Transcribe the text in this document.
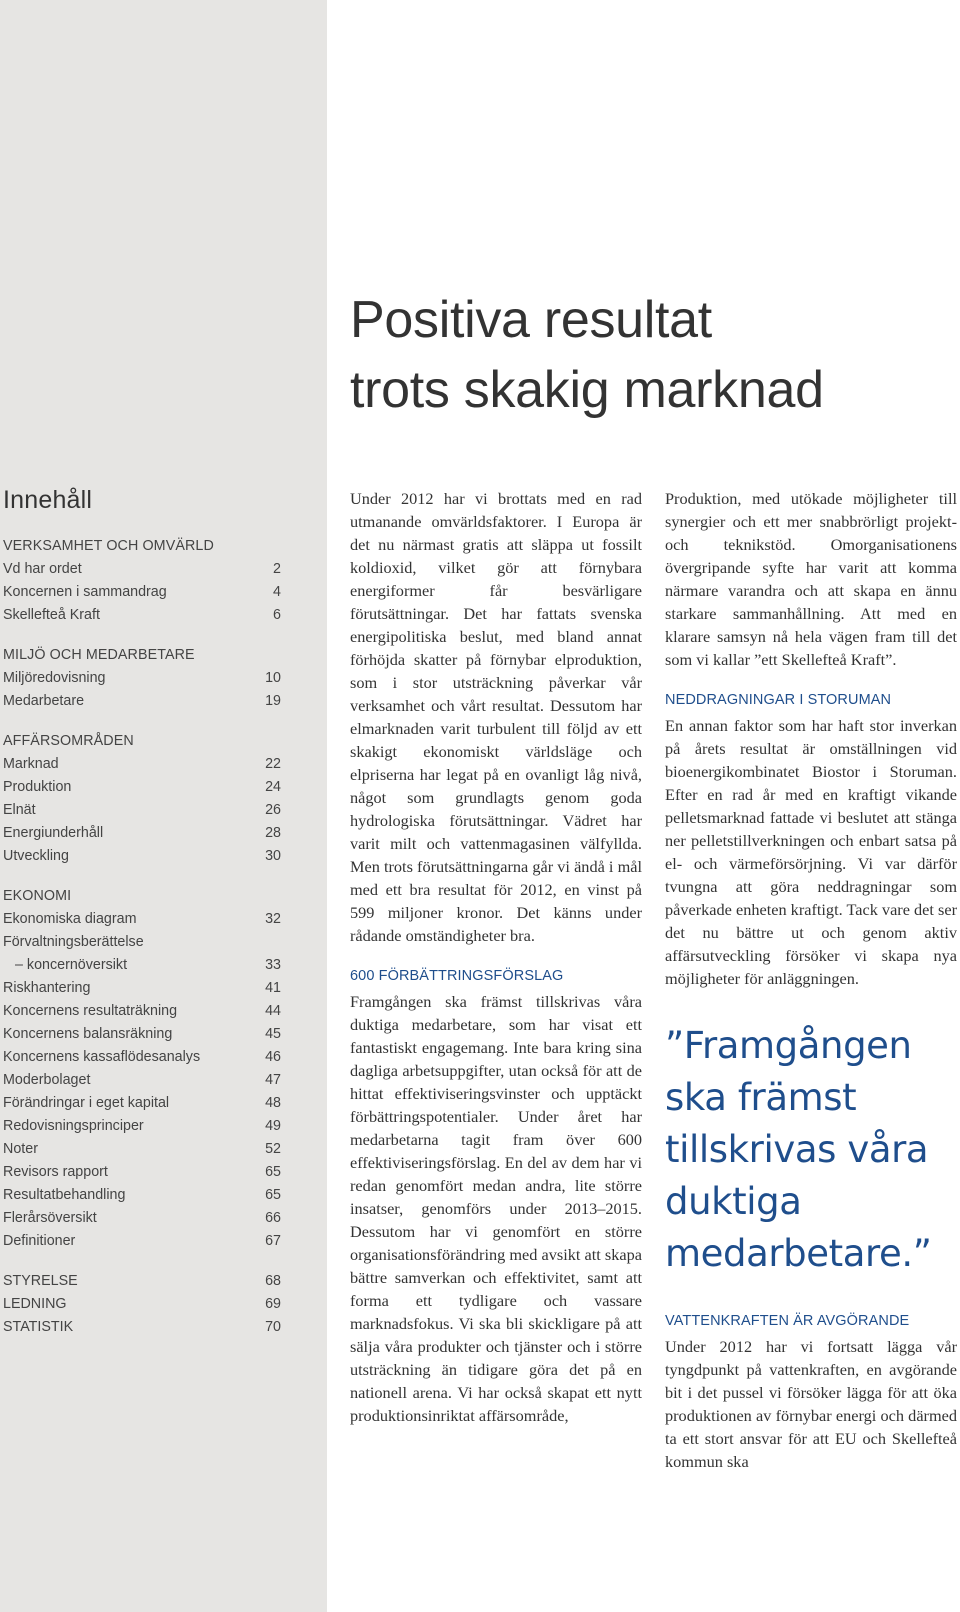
Innehåll
VERKSAMHET OCH OMVÄRLD
Vd har ordet	2
Koncernen i sammandrag	4
Skellefteå Kraft	6
MILJÖ OCH MEDARBETARE
Miljöredovisning	10
Medarbetare	19
AFFÄRSOMRÅDEN
Marknad	22
Produktion	24
Elnät	26
Energiunderhåll	28
Utveckling	30
EKONOMI
Ekonomiska diagram	32
Förvaltningsberättelse
– koncernöversikt	33
Riskhantering	41
Koncernens resultaträkning	44
Koncernens balansräkning	45
Koncernens kassaflödesanalys	46
Moderbolaget	47
Förändringar i eget kapital	48
Redovisningsprinciper	49
Noter	52
Revisors rapport	65
Resultatbehandling	65
Flerårsöversikt	66
Definitioner	67
STYRELSE	68
LEDNING	69
STATISTIK	70
Positiva resultat
trots skakig marknad

Under 2012 har vi brottats med en rad utmanande omvärldsfaktorer. I Europa är det nu närmast gratis att släppa ut fossilt koldioxid, vilket gör att förnybara energiformer får besvärligare förutsättningar. Det har fattats svenska energipolitiska beslut, med bland annat förhöjda skatter på förnybar elproduktion, som i stor utsträckning påverkar vår verksamhet och vårt resultat. Dessutom har elmarknaden varit turbulent till följd av ett skakigt ekonomiskt världsläge och elpriserna har legat på en ovanligt låg nivå, något som grundlagts genom goda hydrologiska förutsättningar. Vädret har varit milt och vattenmagasinen välfyllda. Men trots förutsättningarna går vi ändå i mål med ett bra resultat för 2012, en vinst på 599 miljoner kronor. Det känns under rådande omständigheter bra.

600 FÖRBÄTTRINGSFÖRSLAG

Framgången ska främst tillskrivas våra duktiga medarbetare, som har visat ett fantastiskt engagemang. Inte bara kring sina dagliga arbetsuppgifter, utan också för att de hittat effektiviseringsvinster och upptäckt förbättringspotentialer. Under året har medarbetarna tagit fram över 600 effektiviseringsförslag. En del av dem har vi redan genomfört medan andra, lite större insatser, genomförs under 2013–2015. Dessutom har vi genomfört en större organisationsförändring med avsikt att skapa bättre samverkan och effektivitet, samt att forma ett tydligare och vassare marknadsfokus. Vi ska bli skickligare på att sälja våra produkter och tjänster och i större utsträckning än tidigare göra det på en nationell arena. Vi har också skapat ett nytt produktionsinriktat affärsområde,

Produktion, med utökade möjligheter till synergier och ett mer snabbrörligt projekt- och teknikstöd. Omorganisationens övergripande syfte har varit att komma närmare varandra och att skapa en ännu starkare sammanhållning. Att med en klarare samsyn nå hela vägen fram till det som vi kallar ”ett Skellefteå Kraft”.

NEDDRAGNINGAR I STORUMAN

En annan faktor som har haft stor inverkan på årets resultat är omställningen vid bioenergikombinatet Biostor i Storuman. Efter en rad år med en kraftigt vikande pelletsmarknad fattade vi beslutet att stänga ner pelletstillverkningen och enbart satsa på el- och värmeförsörjning. Vi var därför tvungna att göra neddragningar som påverkade enheten kraftigt. Tack vare det ser det nu bättre ut och genom aktiv affärsutveckling försöker vi skapa nya möjligheter för anläggningen.

”Framgången ska främst tillskrivas våra duktiga medarbetare.”
VATTENKRAFTEN ÄR AVGÖRANDE

Under 2012 har vi fortsatt lägga vår tyngdpunkt på vattenkraften, en avgörande bit i det pussel vi försöker lägga för att öka produktionen av förnybar energi och därmed ta ett stort ansvar för att EU och Skellefteå kommun ska
